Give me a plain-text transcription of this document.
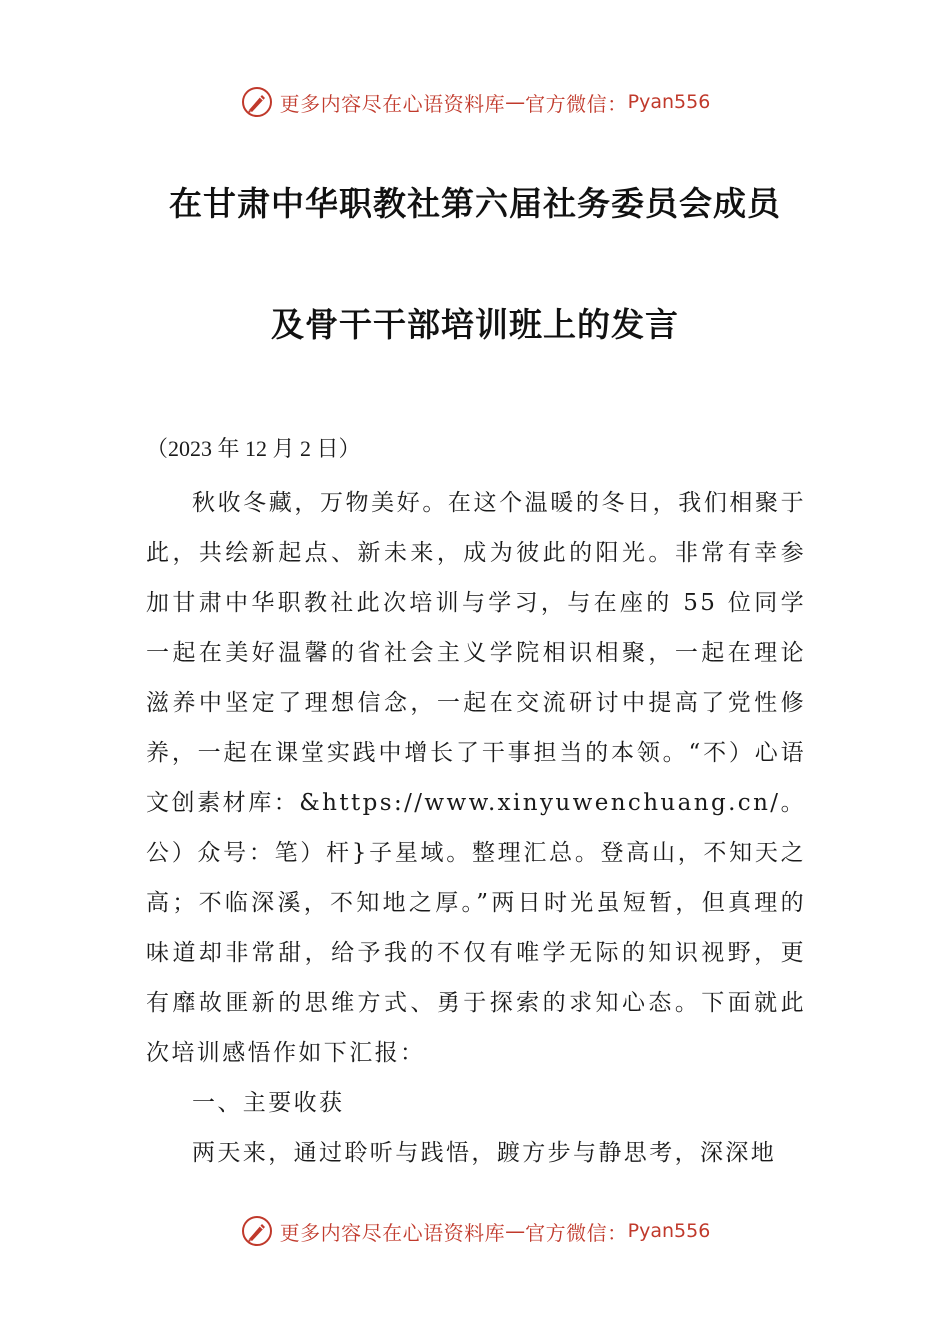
更多内容尽在心语资料库 — 官方微信： Pyan556
在甘肃中华职教社第六届社务委员会成员
及骨干干部培训班上的发言
（2023 年 12 月 2 日）

秋收冬藏，万物美好。在这个温暖的冬日，我们相聚于此，共绘新起点、新未来，成为彼此的阳光。非常有幸参加甘肃中华职教社此次培训与学习，与在座的 55 位同学一起在美好温馨的省社会主义学院相识相聚，一起在理论滋养中坚定了理想信念，一起在交流研讨中提高了党性修养，一起在课堂实践中增长了干事担当的本领。“不）心语文创素材库：&https://www.xinyuwenchuang.cn/。公）众号：笔）杆}子星域。整理汇总。登高山，不知天之高；不临深溪，不知地之厚。”两日时光虽短暂，但真理的味道却非常甜，给予我的不仅有唯学无际的知识视野，更有靡故匪新的思维方式、勇于探索的求知心态。下面就此次培训感悟作如下汇报：

一、主要收获

两天来，通过聆听与践悟，踱方步与静思考，深深地

更多内容尽在心语资料库 — 官方微信： Pyan556
